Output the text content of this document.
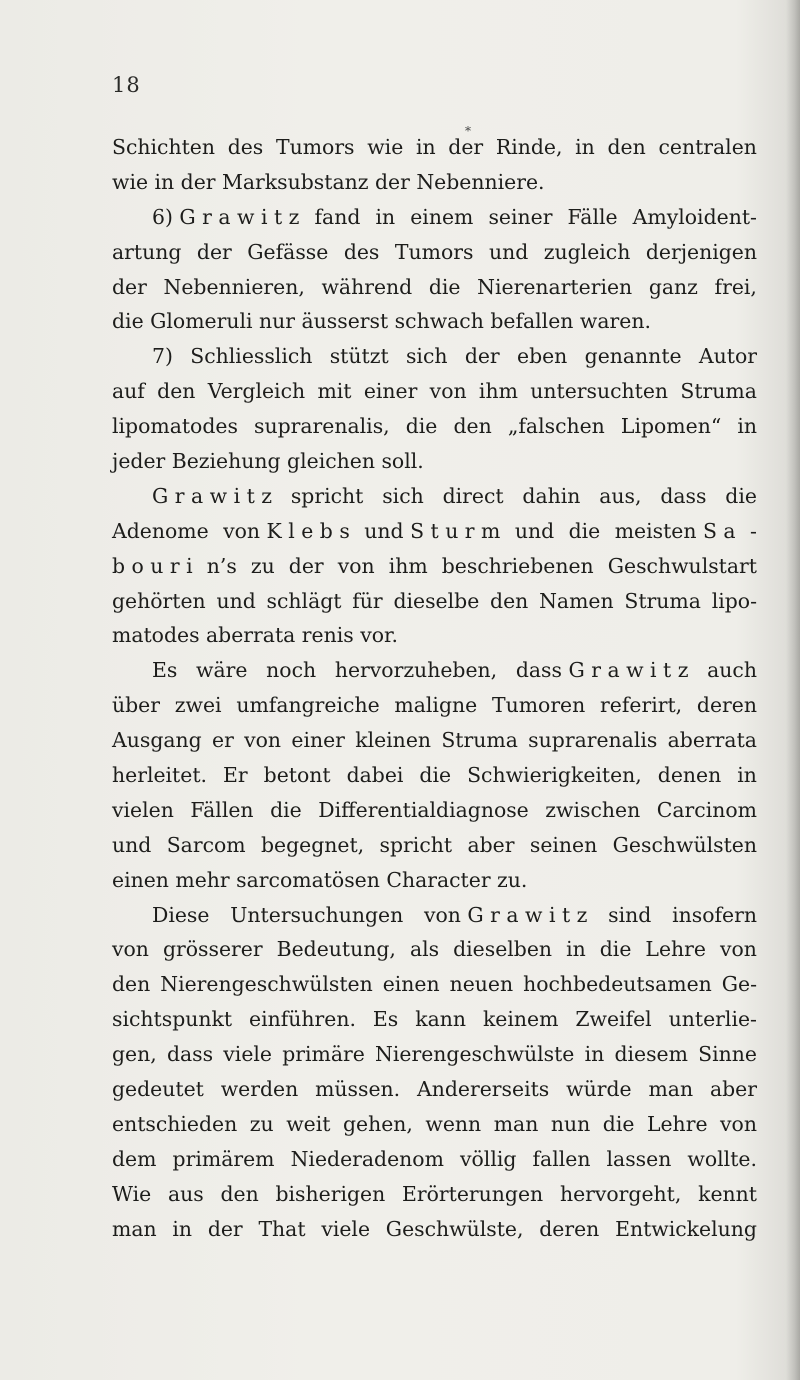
18
*
Schichten des Tumors wie in der Rinde, in den centralen
wie in der Marksubstanz der Nebenniere.
6) G r a w i t z fand in einem seiner Fälle Amyloident-
artung der Gefässe des Tumors und zugleich derjenigen
der Nebennieren, während die Nierenarterien ganz frei,
die Glomeruli nur äusserst schwach befallen waren.
7) Schliesslich stützt sich der eben genannte Autor
auf den Vergleich mit einer von ihm untersuchten Struma
lipomatodes suprarenalis, die den „falschen Lipomen“ in
jeder Beziehung gleichen soll.
G r a w i t z spricht sich direct dahin aus, dass die
Adenome von K l e b s und S t u r m und die meisten S a -
b o u r i n’s zu der von ihm beschriebenen Geschwulstart
gehörten und schlägt für dieselbe den Namen Struma lipo-
matodes aberrata renis vor.
Es wäre noch hervorzuheben, dass G r a w i t z auch
über zwei umfangreiche maligne Tumoren referirt, deren
Ausgang er von einer kleinen Struma suprarenalis aberrata
herleitet. Er betont dabei die Schwierigkeiten, denen in
vielen Fällen die Differentialdiagnose zwischen Carcinom
und Sarcom begegnet, spricht aber seinen Geschwülsten
einen mehr sarcomatösen Character zu.
Diese Untersuchungen von G r a w i t z sind insofern
von grösserer Bedeutung, als dieselben in die Lehre von
den Nierengeschwülsten einen neuen hochbedeutsamen Ge-
sichtspunkt einführen. Es kann keinem Zweifel unterlie-
gen, dass viele primäre Nierengeschwülste in diesem Sinne
gedeutet werden müssen. Andererseits würde man aber
entschieden zu weit gehen, wenn man nun die Lehre von
dem primärem Niederadenom völlig fallen lassen wollte.
Wie aus den bisherigen Erörterungen hervorgeht, kennt
man in der That viele Geschwülste, deren Entwickelung
